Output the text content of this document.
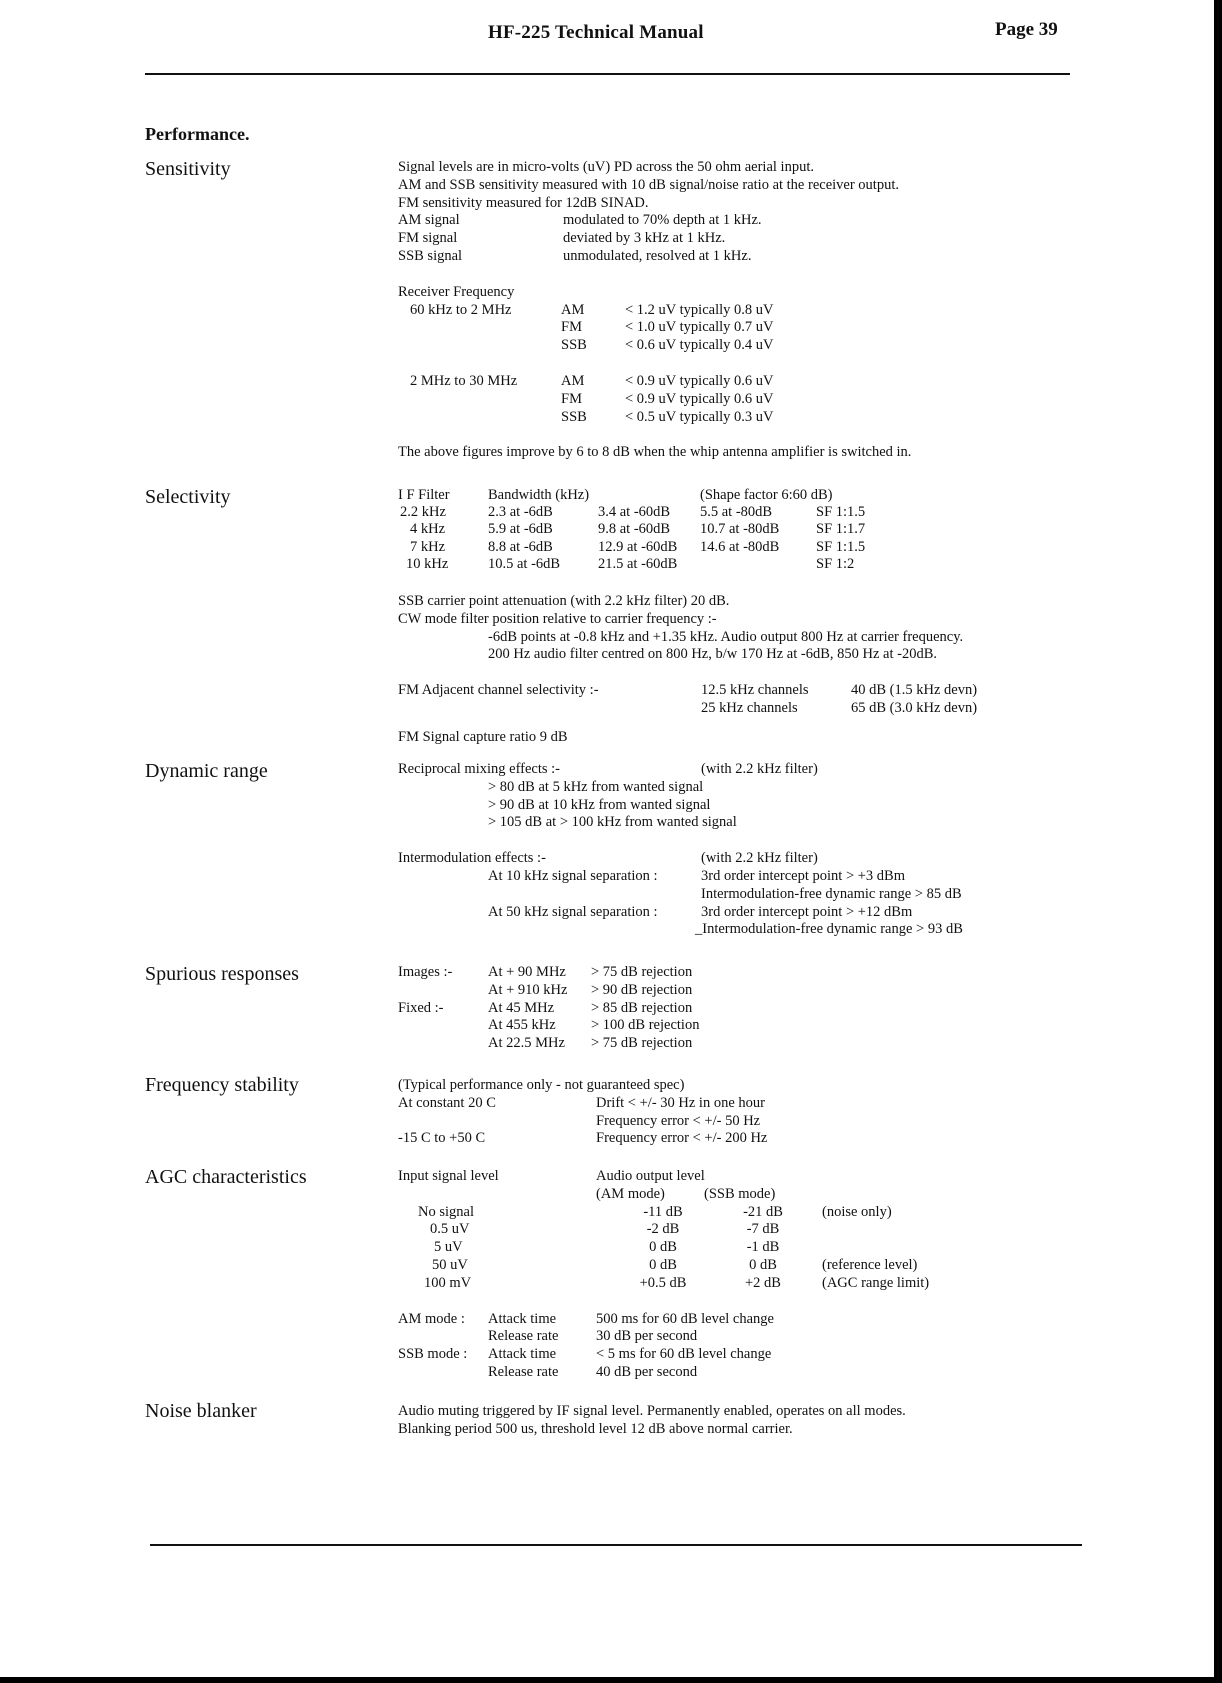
HF-225 Technical Manual	Page 39
Performance.
Sensitivity	Signal levels are in micro-volts (uV) PD across the 50 ohm aerial input.
AM and SSB sensitivity measured with 10 dB signal/noise ratio at the receiver output.
FM sensitivity measured for 12dB SINAD.
AM signal	modulated to 70% depth at 1 kHz.
FM signal	deviated by 3 kHz at 1 kHz.
SSB signal	unmodulated, resolved at 1 kHz.
Receiver Frequency
60 kHz to 2 MHz	AM	< 1.2 uV typically 0.8 uV
FM	< 1.0 uV typically 0.7 uV
SSB	< 0.6 uV typically 0.4 uV
2 MHz to 30 MHz	AM	< 0.9 uV typically 0.6 uV
FM	< 0.9 uV typically 0.6 uV
SSB	< 0.5 uV typically 0.3 uV
The above figures improve by 6 to 8 dB when the whip antenna amplifier is switched in.
Selectivity	I F Filter	Bandwidth (kHz)		(Shape factor 6:60 dB)	
2.2 kHz	2.3 at -6dB	3.4 at -60dB	5.5 at -80dB	SF 1:1.5
4 kHz	5.9 at -6dB	9.8 at -60dB	10.7 at -80dB	SF 1:1.7
7 kHz	8.8 at -6dB	12.9 at -60dB	14.6 at -80dB	SF 1:1.5
10 kHz	10.5 at -6dB	21.5 at -60dB		SF 1:2
SSB carrier point attenuation (with 2.2 kHz filter) 20 dB.
CW mode filter position relative to carrier frequency :-
-6dB points at -0.8 kHz and +1.35 kHz. Audio output 800 Hz at carrier frequency.
200 Hz audio filter centred on 800 Hz, b/w 170 Hz at -6dB, 850 Hz at -20dB.
FM Adjacent channel selectivity :-	12.5 kHz channels	40 dB (1.5 kHz devn)
25 kHz channels	65 dB (3.0 kHz devn)
FM Signal capture ratio 9 dB
Dynamic range	Reciprocal mixing effects :-	(with 2.2 kHz filter)
> 80 dB at 5 kHz from wanted signal
> 90 dB at 10 kHz from wanted signal
> 105 dB at > 100 kHz from wanted signal
Intermodulation effects :-	(with 2.2 kHz filter)
At 10 kHz signal separation :	3rd order intercept point > +3 dBm
Intermodulation-free dynamic range > 85 dB
At 50 kHz signal separation :	3rd order intercept point > +12 dBm
_Intermodulation-free dynamic range > 93 dB
Spurious responses	Images :-	At + 90 MHz	> 75 dB rejection
At + 910 kHz	> 90 dB rejection
Fixed :-	At 45 MHz	> 85 dB rejection
At 455 kHz	> 100 dB rejection
At 22.5 MHz	> 75 dB rejection
Frequency stability	(Typical performance only - not guaranteed spec)
At constant 20 C	Drift < +/- 30 Hz in one hour
Frequency error < +/- 50 Hz
-15 C to +50 C	Frequency error < +/- 200 Hz
AGC characteristics	Input signal level	Audio output level
(AM mode)	(SSB mode)
No signal	-11 dB	-21 dB	(noise only)
0.5 uV	-2 dB	-7 dB
5 uV	0 dB	-1 dB
50 uV	0 dB	0 dB	(reference level)
100 mV	+0.5 dB	+2 dB	(AGC range limit)
AM mode :	Attack time	500 ms for 60 dB level change
Release rate	30 dB per second
SSB mode :	Attack time	< 5 ms for 60 dB level change
Release rate	40 dB per second
Noise blanker	Audio muting triggered by IF signal level. Permanently enabled, operates on all modes.
Blanking period 500 us, threshold level 12 dB above normal carrier.
